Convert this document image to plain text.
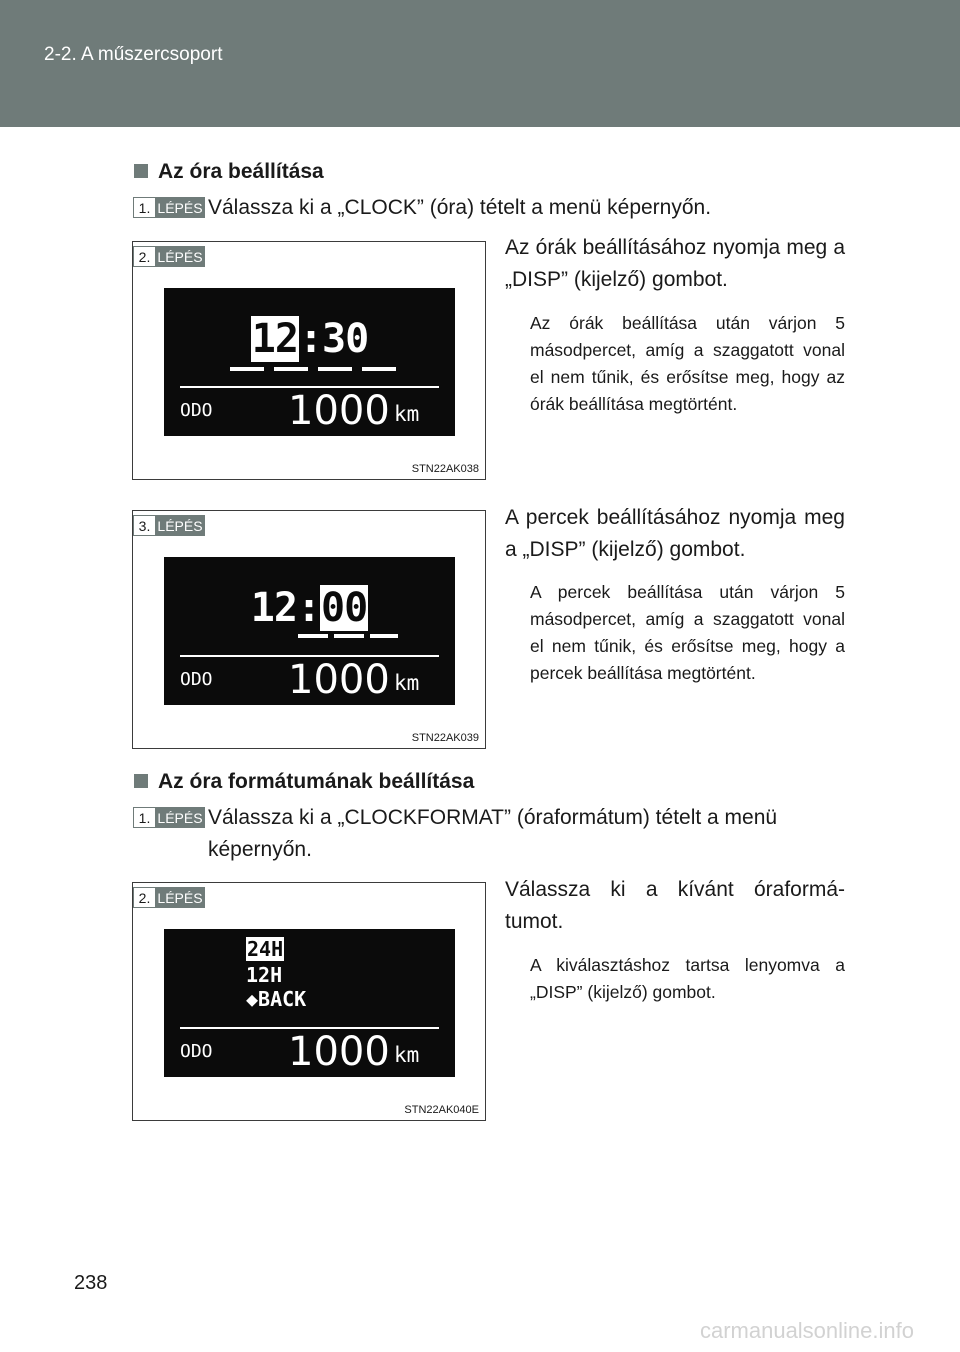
2-2. A műszercsoport
Az óra beállítása
1. LÉPÉS Válassza ki a „CLOCK” (óra) tételt a menü képernyőn.
2. LÉPÉS
12:30
ODO 1000 km
STN22AK038
Az órák beállításához nyomja meg a „DISP” (kijelző) gombot.
Az órák beállítása után várjon 5 másodpercet, amíg a szaggatott vonal el nem tűnik, és erősítse meg, hogy az órák beállítása megtörtént.
3. LÉPÉS
12:00
ODO 1000 km
STN22AK039
A percek beállításához nyomja meg a „DISP” (kijelző) gombot.
A percek beállítása után várjon 5 másodpercet, amíg a szaggatott vonal el nem tűnik, és erősítse meg, hogy a percek beállítása megtörtént.
Az óra formátumának beállítása
1. LÉPÉS Válassza ki a „CLOCKFORMAT” (óraformátum) tételt a menü
képernyőn.
2. LÉPÉS
24H
12H
◆BACK
ODO 1000 km
STN22AK040E
Válassza ki a kívánt óraformá-tumot.
A kiválasztáshoz tartsa lenyomva a „DISP” (kijelző) gombot.
238
carmanualsonline.info
